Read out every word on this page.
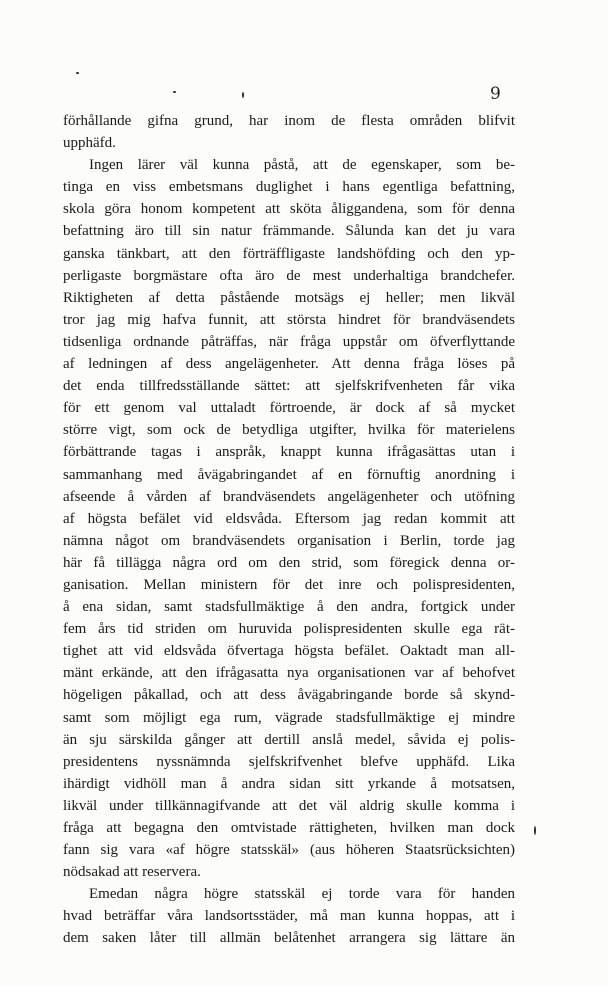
9
förhållande gifna grund, har inom de flesta områden blifvit
upphäfd.
Ingen lärer väl kunna påstå, att de egenskaper, som be-
tinga en viss embetsmans duglighet i hans egentliga befattning,
skola göra honom kompetent att sköta åliggandena, som för denna
befattning äro till sin natur främmande. Sålunda kan det ju vara
ganska tänkbart, att den förträffligaste landshöfding och den yp-
perligaste borgmästare ofta äro de mest underhaltiga brandchefer.
Riktigheten af detta påstående motsägs ej heller; men likväl
tror jag mig hafva funnit, att största hindret för brandväsendets
tidsenliga ordnande påträffas, när fråga uppstår om öfverflyttande
af ledningen af dess angelägenheter. Att denna fråga löses på
det enda tillfredsställande sättet: att sjelfskrifvenheten får vika
för ett genom val uttaladt förtroende, är dock af så mycket
större vigt, som ock de betydliga utgifter, hvilka för materielens
förbättrande tagas i anspråk, knappt kunna ifrågasättas utan i
sammanhang med åvägabringandet af en förnuftig anordning i
afseende å vården af brandväsendets angelägenheter och utöfning
af högsta befälet vid eldsvåda. Eftersom jag redan kommit att
nämna något om brandväsendets organisation i Berlin, torde jag
här få tillägga några ord om den strid, som föregick denna or-
ganisation. Mellan ministern för det inre och polispresidenten,
å ena sidan, samt stadsfullmäktige å den andra, fortgick under
fem års tid striden om huruvida polispresidenten skulle ega rät-
tighet att vid eldsvåda öfvertaga högsta befälet. Oaktadt man all-
mänt erkände, att den ifrågasatta nya organisationen var af behofvet
högeligen påkallad, och att dess åvägabringande borde så skynd-
samt som möjligt ega rum, vägrade stadsfullmäktige ej mindre
än sju särskilda gånger att dertill anslå medel, såvida ej polis-
presidentens nyssnämnda sjelfskrifvenhet blefve upphäfd. Lika
ihärdigt vidhöll man å andra sidan sitt yrkande å motsatsen,
likväl under tillkännagifvande att det väl aldrig skulle komma i
fråga att begagna den omtvistade rättigheten, hvilken man dock
fann sig vara «af högre statsskäl» (aus höheren Staatsrücksichten)
nödsakad att reservera.
Emedan några högre statsskäl ej torde vara för handen
hvad beträffar våra landsortsstäder, må man kunna hoppas, att i
dem saken låter till allmän belåtenhet arrangera sig lättare än
